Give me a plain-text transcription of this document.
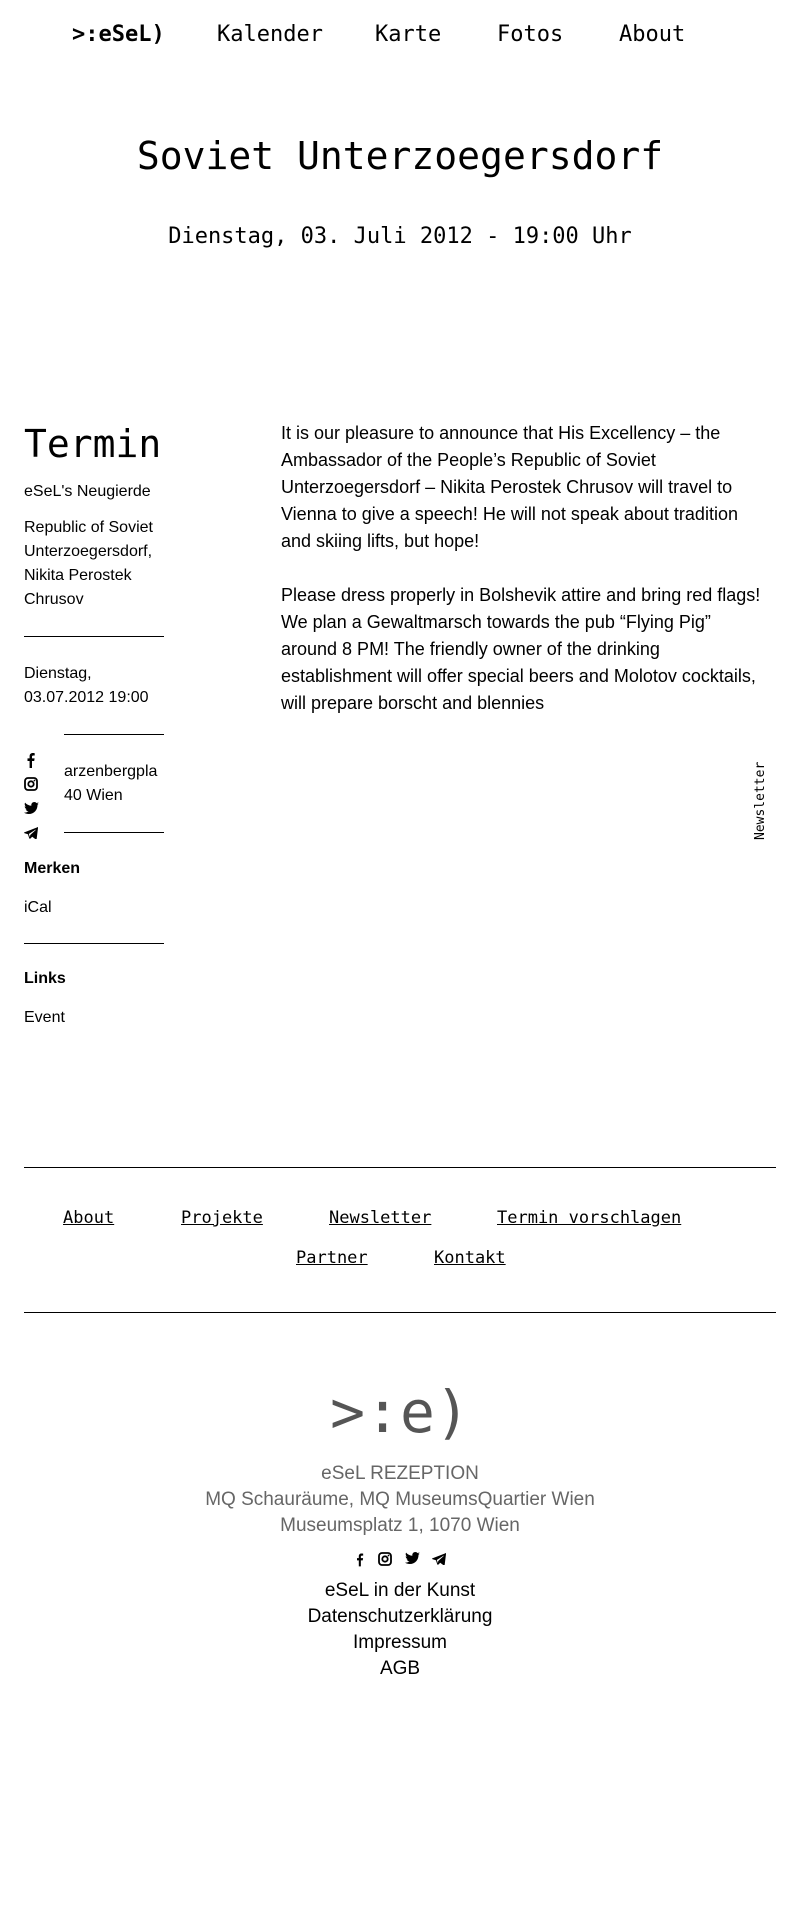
>:eSeL) Kalender Karte	Fotos	About
Soviet Unterzoegersdorf
Dienstag, 03. Juli 2012 - 19:00 Uhr
Termin
eSeL's Neugierde
Republic of Soviet
Unterzoegersdorf,
Nikita Perostek
Chrusov
Dienstag,
03.07.2012 19:00
arzenbergpla
40 Wien
Merken
iCal
Links
Event

It is our pleasure to announce that His Excellency – the Ambassador of the People’s Republic of Soviet Unterzoegersdorf – Nikita Perostek Chrusov will travel to Vienna to give a speech! He will not speak about tradition and skiing lifts, but hope!

Please dress properly in Bolshevik attire and bring red flags! We plan a Gewaltmarsch towards the pub “Flying Pig” around 8 PM! The friendly owner of the drinking establishment will offer special beers and Molotov cocktails, will prepare borscht and blennies

Newsletter
About	Projekte	Newsletter	Termin vorschlagen
Partner	Kontakt
>:e)
eSeL REZEPTION
MQ Schauräume, MQ MuseumsQuartier Wien
Museumsplatz 1, 1070 Wien
eSeL in der Kunst
Datenschutzerklärung
Impressum
AGB
